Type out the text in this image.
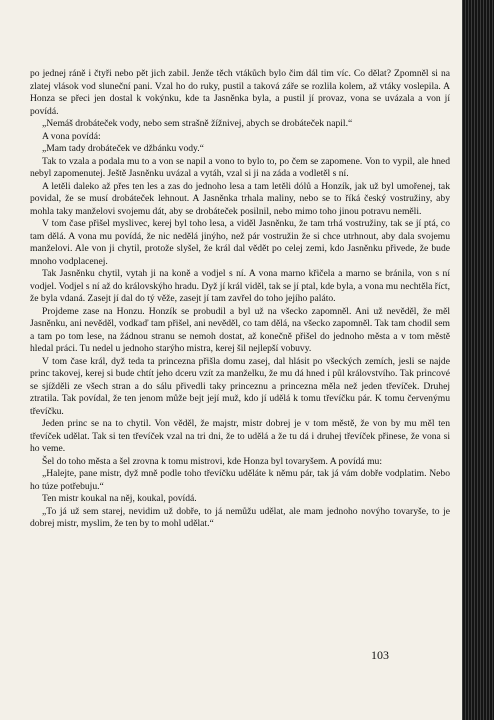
po jednej ráně i čtyři nebo pět jich zabil. Jenže těch vtákůch bylo čim dál tim víc. Co dělat? Zpomněl si na zlatej vlások vod sluneční pani. Vzal ho do ruky, pustil a taková záře se rozlila kolem, až vtáky voslepila. A Honza se přeci jen dostal k vokýnku, kde ta Jasněnka byla, a pustil jí provaz, vona se uvázala a von jí povídá.

„Nemáš drobáteček vody, nebo sem strašně žížnivej, abych se drobáteček napil.“

A vona povídá:

„Mam tady drobáteček ve džbánku vody.“

Tak to vzala a podala mu to a von se napil a vono to bylo to, po čem se zapomene. Von to vypil, ale hned nebyl zapomenutej. Ještě Jasněnku uvázal a vytáh, vzal si ji na záda a vodletěl s ní.

A letěli daleko až přes ten les a zas do jednoho lesa a tam letěli dólů a Honzík, jak už byl umořenej, tak povidal, že se musí drobáteček lehnout. A Jasněnka trhala maliny, nebo se to říká český vostružiny, aby mohla taky manželovi svojemu dát, aby se drobáteček posilnil, nebo mimo toho jinou potravu neměli.

V tom čase přišel myslivec, kerej byl toho lesa, a viděl Jasněnku, že tam trhá vostružiny, tak se jí ptá, co tam dělá. A vona mu povídá, že nic nedělá jinýho, než pár vostružin že si chce utrhnout, aby dala svojemu manželovi. Ale von ji chytil, protože slyšel, že král dal vědět po celej zemi, kdo Jasněnku přivede, že bude mnoho vodplacenej.

Tak Jasněnku chytil, vytah ji na koně a vodjel s ní. A vona marno křičela a marno se bránila, von s ní vodjel. Vodjel s ní až do královskýho hradu. Dyž jí král viděl, tak se jí ptal, kde byla, a vona mu nechtěla říct, že byla vdaná. Zasejt jí dal do tý věže, zasejt jí tam zavřel do toho jejího paláto.

Projdeme zase na Honzu. Honzík se probudil a byl už na všecko zapomněl. Ani už nevěděl, že měl Jasněnku, ani nevěděl, vodkaď tam přišel, ani nevěděl, co tam dělá, na všecko zapomněl. Tak tam chodil sem a tam po tom lese, na žádnou stranu se nemoh dostat, až konečně přišel do jednoho města a v tom městě hledal práci. Tu nedel u jednoho starýho mistra, kerej šil nejlepší vobuvy.

V tom čase král, dyž teda ta princezna přišla domu zasej, dal hlásit po všeckých zemích, jesli se najde princ takovej, kerej si bude chtít jeho dceru vzít za manželku, že mu dá hned i půl královstvího. Tak princové se sjížděli ze všech stran a do sálu přivedli taky princeznu a princezna měla než jeden třevíček. Druhej ztratila. Tak povídal, že ten jenom může bejt její muž, kdo jí udělá k tomu třevíčku pár. K tomu červenýmu třevíčku.

Jeden princ se na to chytil. Von věděl, že majstr, mistr dobrej je v tom městě, že von by mu měl ten třevíček udělat. Tak si ten třevíček vzal na tri dni, že to udělá a že tu dá i druhej třevíček přinese, že vona si ho veme.

Šel do toho města a šel zrovna k tomu mistrovi, kde Honza byl tovaryšem. A povídá mu:

„Halejte, pane mistr, dyž mně podle toho třevíčku uděláte k němu pár, tak já vám dobře vodplatim. Nebo ho túze potřebuju.“

Ten mistr koukal na něj, koukal, povídá.

„To já už sem starej, nevidim už dobře, to já nemůžu udělat, ale mam jednoho novýho tovaryše, to je dobrej mistr, myslim, že ten by to mohl udělat.“

103
